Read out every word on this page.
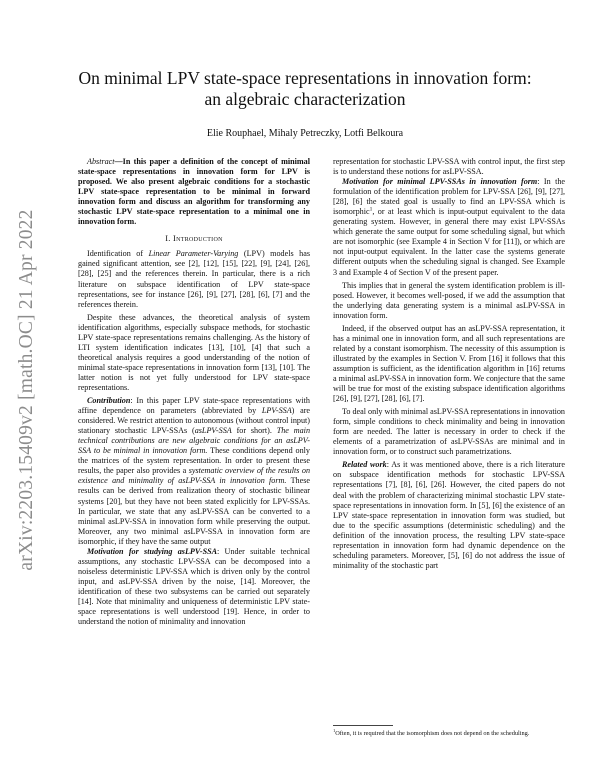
arXiv:2203.15409v2 [math.OC] 21 Apr 2022
On minimal LPV state-space representations in innovation form: an algebraic characterization
Elie Rouphael, Mihaly Petreczky, Lotfi Belkoura

Abstract—In this paper a definition of the concept of minimal state-space representations in innovation form for LPV is proposed. We also present algebraic conditions for a stochastic LPV state-space representation to be minimal in forward innovation form and discuss an algorithm for transforming any stochastic LPV state-space representation to a minimal one in innovation form.

I. Introduction

Identification of Linear Parameter-Varying (LPV) models has gained significant attention, see [2], [12], [15], [22], [9], [24], [26], [28], [25] and the references therein. In particular, there is a rich literature on subspace identification of LPV state-space representations, see for instance [26], [9], [27], [28], [6], [7] and the references therein.

Despite these advances, the theoretical analysis of system identification algorithms, especially subspace methods, for stochastic LPV state-space representations remains challenging. As the history of LTI system identification indicates [13], [10], [4] that such a theoretical analysis requires a good understanding of the notion of minimal state-space representations in innovation form [13], [10]. The latter notion is not yet fully understood for LPV state-space representations.

Contribution: In this paper LPV state-space representations with affine dependence on parameters (abbreviated by LPV-SSA) are considered. We restrict attention to autonomous (without control input) stationary stochastic LPV-SSAs (asLPV-SSA for short). The main technical contributions are new algebraic conditions for an asLPV-SSA to be minimal in innovation form. These conditions depend only the matrices of the system representation. In order to present these results, the paper also provides a systematic overview of the results on existence and minimality of asLPV-SSA in innovation form. These results can be derived from realization theory of stochastic bilinear systems [20], but they have not been stated explicitly for LPV-SSAs. In particular, we state that any asLPV-SSA can be converted to a minimal asLPV-SSA in innovation form while preserving the output. Moreover, any two minimal asLPV-SSA in innovation form are isomorphic, if they have the same output

Motivation for studying asLPV-SSA: Under suitable technical assumptions, any stochastic LPV-SSA can be decomposed into a noiseless deterministic LPV-SSA which is driven only by the control input, and asLPV-SSA driven by the noise, [14]. Moreover, the identification of these two subsystems can be carried out separately [14]. Note that minimality and uniqueness of deterministic LPV state-space representations is well understood [19]. Hence, in order to understand the notion of minimality and innovation

representation for stochastic LPV-SSA with control input, the first step is to understand these notions for asLPV-SSA.

Motivation for minimal LPV-SSAs in innovation form: In the formulation of the identification problem for LPV-SSA [26], [9], [27], [28], [6] the stated goal is usually to find an LPV-SSA which is isomorphic$^1$, or at least which is input-output equivalent to the data generating system. However, in general there may exist LPV-SSAs which generate the same output for some scheduling signal, but which are not isomorphic (see Example 4 in Section V for [11]), or which are not input-output equivalent. In the latter case the systems generate different outputs when the scheduling signal is changed. See Example 3 and Example 4 of Section V of the present paper.

This implies that in general the system identification problem is ill-posed. However, it becomes well-posed, if we add the assumption that the underlying data generating system is a minimal asLPV-SSA in innovation form.

Indeed, if the observed output has an asLPV-SSA representation, it has a minimal one in innovation form, and all such representations are related by a constant isomorphism. The necessity of this assumption is illustrated by the examples in Section V. From [16] it follows that this assumption is sufficient, as the identification algorithm in [16] returns a minimal asLPV-SSA in innovation form. We conjecture that the same will be true for most of the existing subspace identification algorithms [26], [9], [27], [28], [6], [7].

To deal only with minimal asLPV-SSA representations in innovation form, simple conditions to check minimality and being in innovation form are needed. The latter is necessary in order to check if the elements of a parametrization of asLPV-SSAs are minimal and in innovation form, or to construct such parametrizations.

Related work: As it was mentioned above, there is a rich literature on subspace identification methods for stochastic LPV-SSA representations [7], [8], [6], [26]. However, the cited papers do not deal with the problem of characterizing minimal stochastic LPV state-space representations in innovation form. In [5], [6] the existence of an LPV state-space representation in innovation form was studied, but due to the specific assumptions (deterministic scheduling) and the definition of the innovation process, the resulting LPV state-space representation in innovation form had dynamic dependence on the scheduling parameters. Moreover, [5], [6] do not address the issue of minimality of the stochastic part

$^1$Often, it is required that the isomorphism does not depend on the scheduling.
